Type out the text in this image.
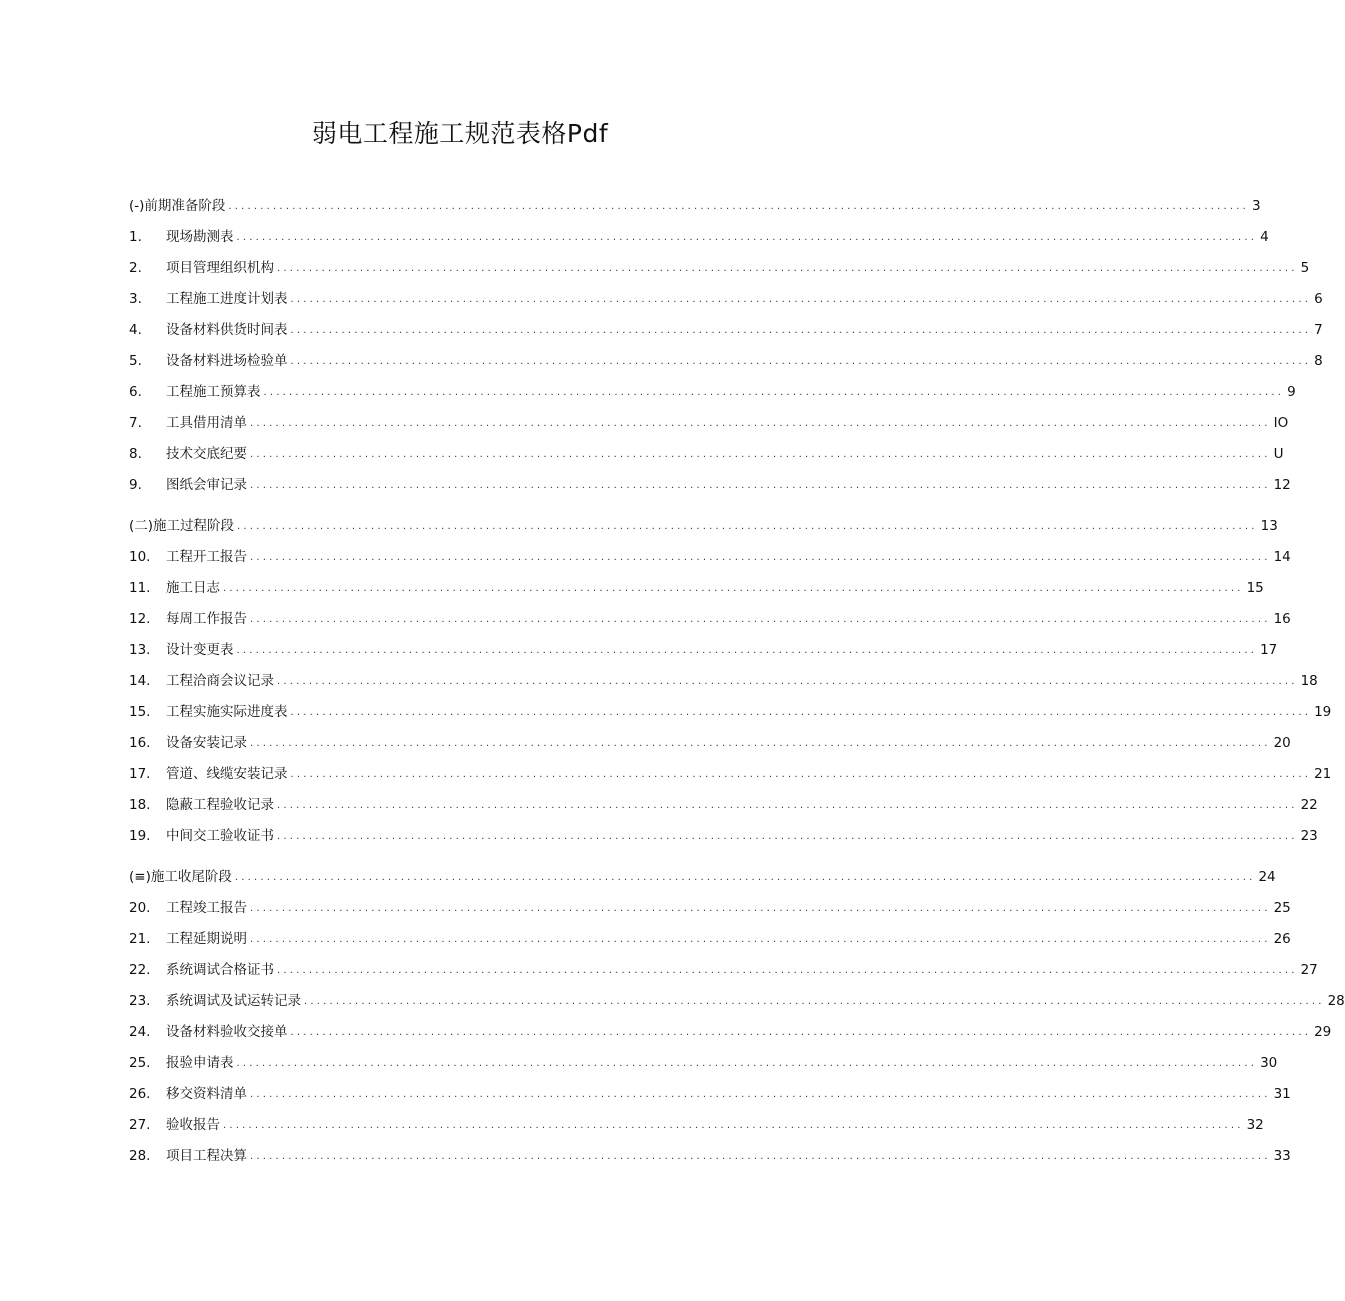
弱电工程施工规范表格Pdf
(-)前期准备阶段 ................................................................................................................................................................ 3
1.	现场勘测表 ................................................................................................................................................................ 4
2.	项目管理组织机构 ................................................................................................................................................................ 5
3.	工程施工进度计划表 ................................................................................................................................................................ 6
4.	设备材料供货时间表 ................................................................................................................................................................ 7
5.	设备材料进场检验单 ................................................................................................................................................................ 8
6.	工程施工预算表 ................................................................................................................................................................ 9
7.	工具借用清单 ................................................................................................................................................................ IO
8.	技术交底纪要 ................................................................................................................................................................ U
9.	图纸会审记录 ................................................................................................................................................................ 12
(二)施工过程阶段 ................................................................................................................................................................ 13
10.	工程开工报告 ................................................................................................................................................................ 14
11.	施工日志 ................................................................................................................................................................ 15
12.	每周工作报告 ................................................................................................................................................................ 16
13.	设计变更表 ................................................................................................................................................................ 17
14.	工程洽商会议记录 ................................................................................................................................................................ 18
15.	工程实施实际进度表 ................................................................................................................................................................ 19
16.	设备安装记录 ................................................................................................................................................................ 20
17.	管道、线缆安装记录 ................................................................................................................................................................ 21
18.	隐蔽工程验收记录 ................................................................................................................................................................ 22
19.	中间交工验收证书 ................................................................................................................................................................ 23
(≡)施工收尾阶段 ................................................................................................................................................................ 24
20.	工程竣工报告 ................................................................................................................................................................ 25
21.	工程延期说明 ................................................................................................................................................................ 26
22.	系统调试合格证书 ................................................................................................................................................................ 27
23.	系统调试及试运转记录 ................................................................................................................................................................ 28
24.	设备材料验收交接单 ................................................................................................................................................................ 29
25.	报验申请表 ................................................................................................................................................................ 30
26.	移交资料清单 ................................................................................................................................................................ 31
27.	验收报告 ................................................................................................................................................................ 32
28.	项目工程决算 ................................................................................................................................................................ 33
